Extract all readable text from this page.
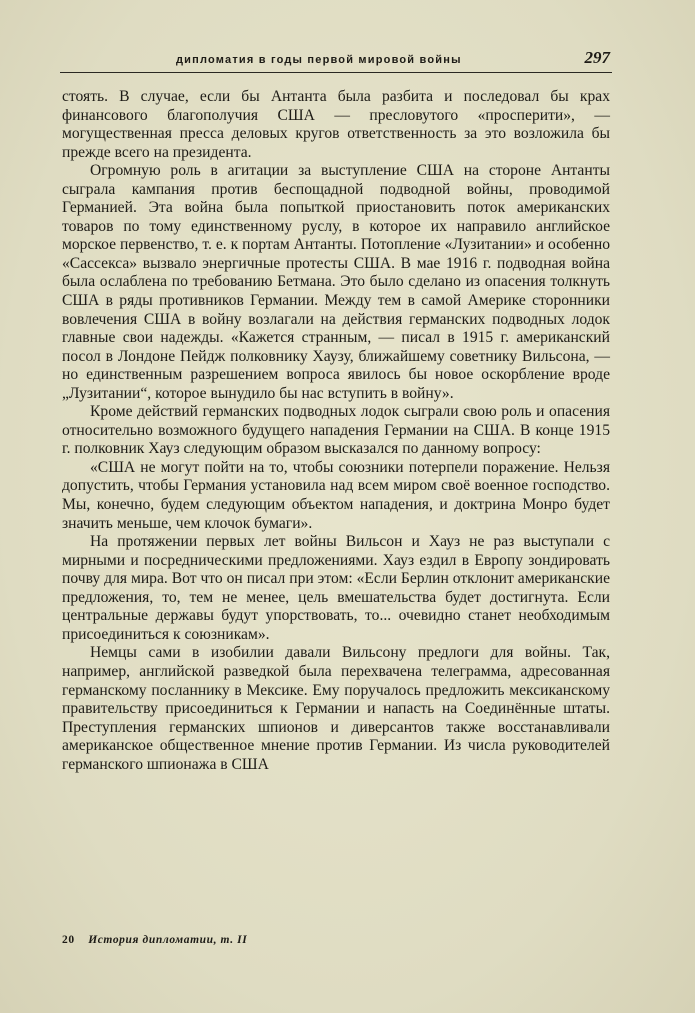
дипломатия в годы первой мировой войны	297

стоять. В случае, если бы Антанта была разбита и последовал бы крах финансового благополучия США — пресловутого «просперити», — могущественная пресса деловых кругов ответственность за это возложила бы прежде всего на президента.

Огромную роль в агитации за выступление США на стороне Антанты сыграла кампания против беспощадной подводной войны, проводимой Германией. Эта война была попыткой приостановить поток американских товаров по тому единственному руслу, в которое их направило английское морское первенство, т. е. к портам Антанты. Потопление «Лузитании» и особенно «Сассекса» вызвало энергичные протесты США. В мае 1916 г. подводная война была ослаблена по требованию Бетмана. Это было сделано из опасения толкнуть США в ряды противников Германии. Между тем в самой Америке сторонники вовлечения США в войну возлагали на действия германских подводных лодок главные свои надежды. «Кажется странным, — писал в 1915 г. американский посол в Лондоне Пейдж полковнику Хаузу, ближайшему советнику Вильсона, — но единственным разрешением вопроса явилось бы новое оскорбление вроде „Лузитании“, которое вынудило бы нас вступить в войну».

Кроме действий германских подводных лодок сыграли свою роль и опасения относительно возможного будущего нападения Германии на США. В конце 1915 г. полковник Хауз следующим образом высказался по данному вопросу:

«США не могут пойти на то, чтобы союзники потерпели поражение. Нельзя допустить, чтобы Германия установила над всем миром своё военное господство. Мы, конечно, будем следующим объектом нападения, и доктрина Монро будет значить меньше, чем клочок бумаги».

На протяжении первых лет войны Вильсон и Хауз не раз выступали с мирными и посредническими предложениями. Хауз ездил в Европу зондировать почву для мира. Вот что он писал при этом: «Если Берлин отклонит американские предложения, то, тем не менее, цель вмешательства будет достигнута. Если центральные державы будут упорствовать, то... очевидно станет необходимым присоединиться к союзникам».

Немцы сами в изобилии давали Вильсону предлоги для войны. Так, например, английской разведкой была перехвачена телеграмма, адресованная германскому посланнику в Мексике. Ему поручалось предложить мексиканскому правительству присоединиться к Германии и напасть на Соединённые штаты. Преступления германских шпионов и диверсантов также восстанавливали американское общественное мнение против Германии. Из числа руководителей германского шпионажа в США

20 История дипломатии, т. II
